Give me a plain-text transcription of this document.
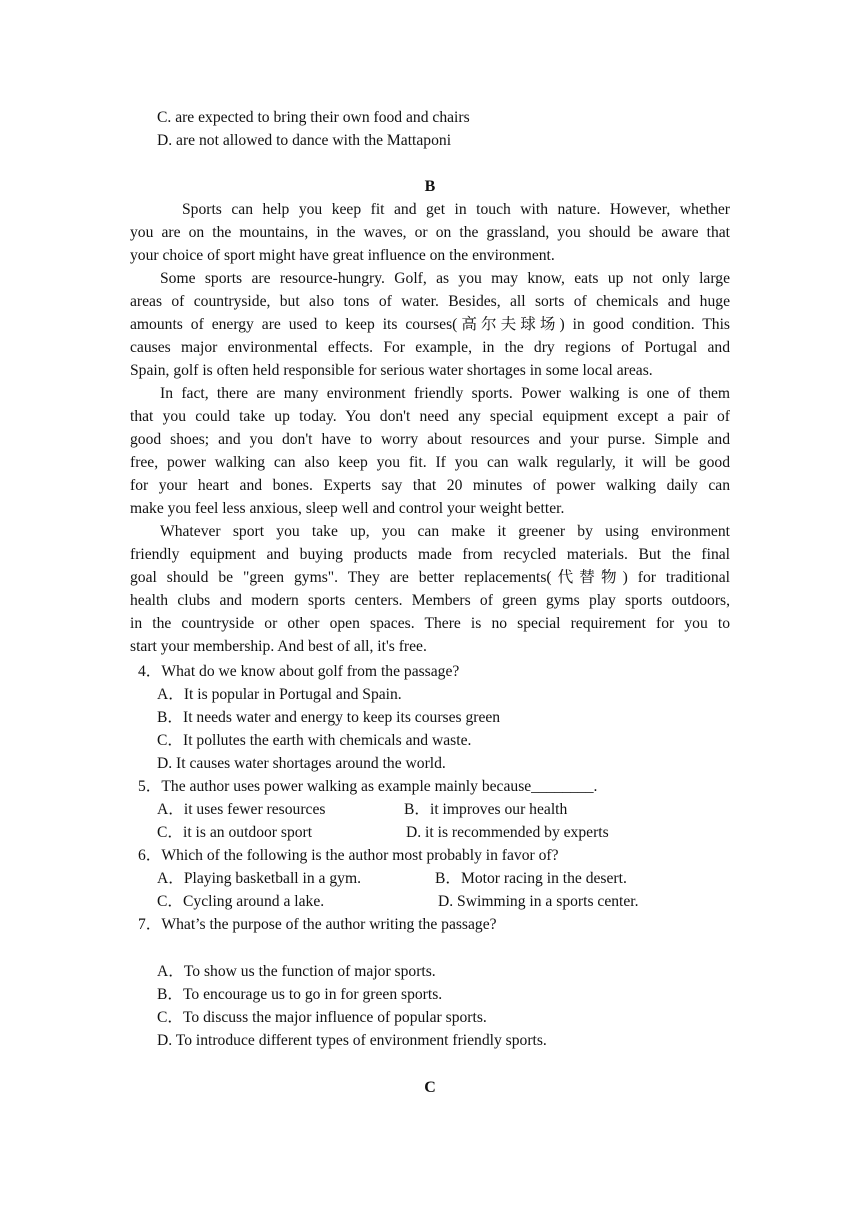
C. are expected to bring their own food and chairs
D. are not allowed to dance with the Mattaponi
B
Sports can help you keep fit and get in touch with nature. However, whether
you are on the mountains, in the waves, or on the grassland, you should be aware that
your choice of sport might have great influence on the environment.
Some sports are resource-hungry. Golf, as you may know, eats up not only large
areas of countryside, but also tons of water. Besides, all sorts of chemicals and huge
amounts of energy are used to keep its courses(高尔夫球场) in good condition. This
causes major environmental effects. For example, in the dry regions of Portugal and
Spain, golf is often held responsible for serious water shortages in some local areas.
In fact, there are many environment friendly sports. Power walking is one of them
that you could take up today. You don't need any special equipment except a pair of
good shoes; and you don't have to worry about resources and your purse. Simple and
free, power walking can also keep you fit. If you can walk regularly, it will be good
for your heart and bones. Experts say that 20 minutes of power walking daily can
make you feel less anxious, sleep well and control your weight better.
Whatever sport you take up, you can make it greener by using environment
friendly equipment and buying products made from recycled materials. But the final
goal should be "green gyms". They are better replacements(代替物) for traditional
health clubs and modern sports centers. Members of green gyms play sports outdoors,
in the countryside or other open spaces. There is no special requirement for you to
start your membership. And best of all, it's free.
4．What do we know about golf from the passage?
A．It is popular in Portugal and Spain.
B．It needs water and energy to keep its courses green
C．It pollutes the earth with chemicals and waste.
D. It causes water shortages around the world.
5．The author uses power walking as example mainly because________.
A．it uses fewer resources	B．it improves our health
C．it is an outdoor sport	D. it is recommended by experts
6．Which of the following is the author most probably in favor of?
A．Playing basketball in a gym.	B．Motor racing in the desert.
C．Cycling around a lake.	D. Swimming in a sports center.
7．What’s the purpose of the author writing the passage?
A．To show us the function of major sports.
B．To encourage us to go in for green sports.
C．To discuss the major influence of popular sports.
D. To introduce different types of environment friendly sports.
C
